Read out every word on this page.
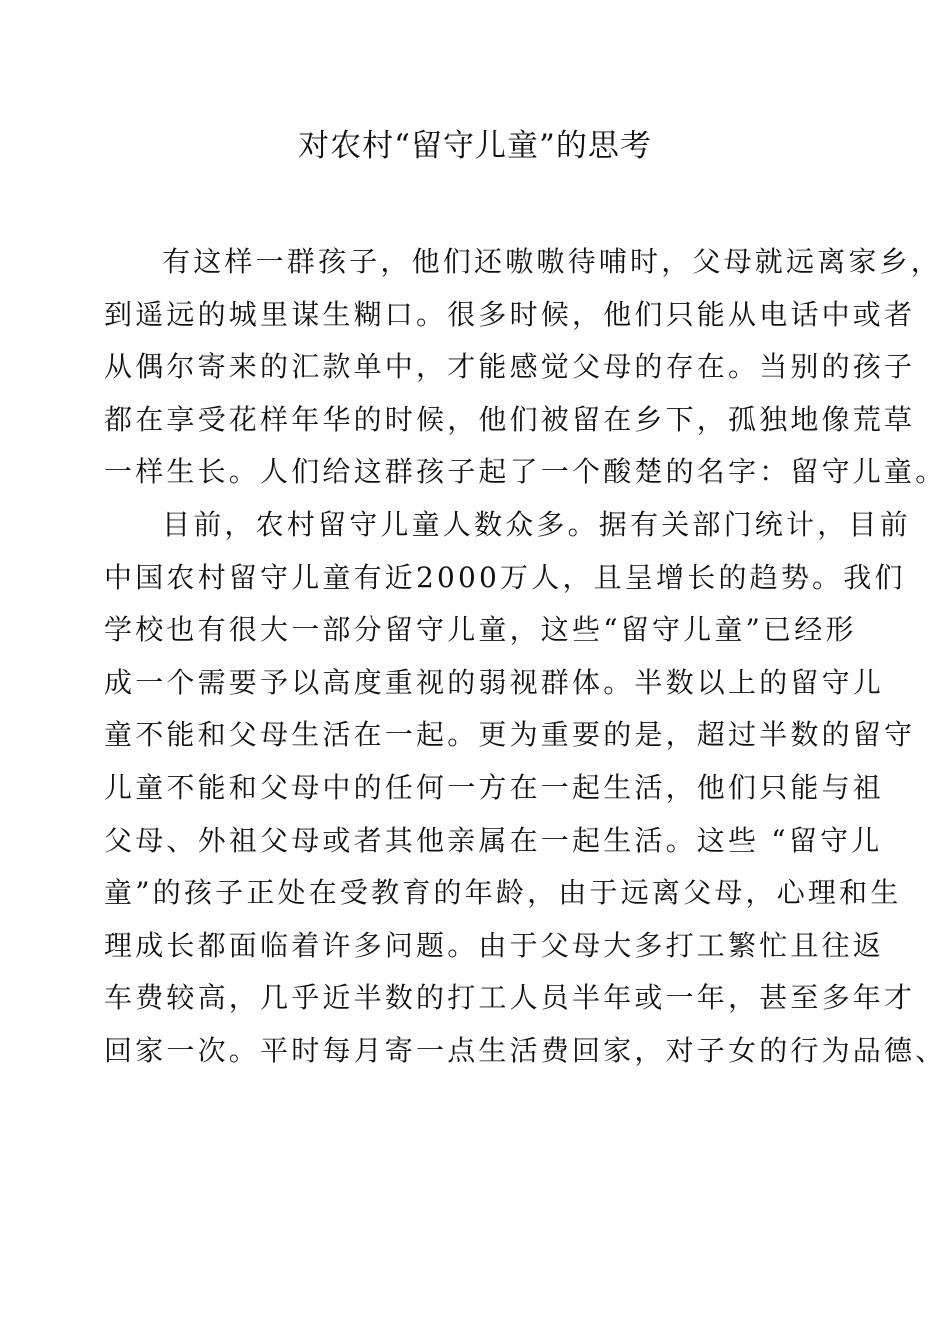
对农村“留守儿童”的思考
有这样一群孩子，他们还嗷嗷待哺时，父母就远离家乡，
到遥远的城里谋生糊口。很多时候，他们只能从电话中或者
从偶尔寄来的汇款单中，才能感觉父母的存在。当别的孩子
都在享受花样年华的时候，他们被留在乡下，孤独地像荒草
一样生长。人们给这群孩子起了一个酸楚的名字：留守儿童。
目前，农村留守儿童人数众多。据有关部门统计，目前
中国农村留守儿童有近2000万人，且呈增长的趋势。我们
学校也有很大一部分留守儿童，这些“留守儿童”已经形
成一个需要予以高度重视的弱视群体。半数以上的留守儿
童不能和父母生活在一起。更为重要的是，超过半数的留守
儿童不能和父母中的任何一方在一起生活，他们只能与祖
父母、外祖父母或者其他亲属在一起生活。这些 “留守儿
童”的孩子正处在受教育的年龄，由于远离父母，心理和生
理成长都面临着许多问题。由于父母大多打工繁忙且往返
车费较高，几乎近半数的打工人员半年或一年，甚至多年才
回家一次。平时每月寄一点生活费回家，对子女的行为品德、
